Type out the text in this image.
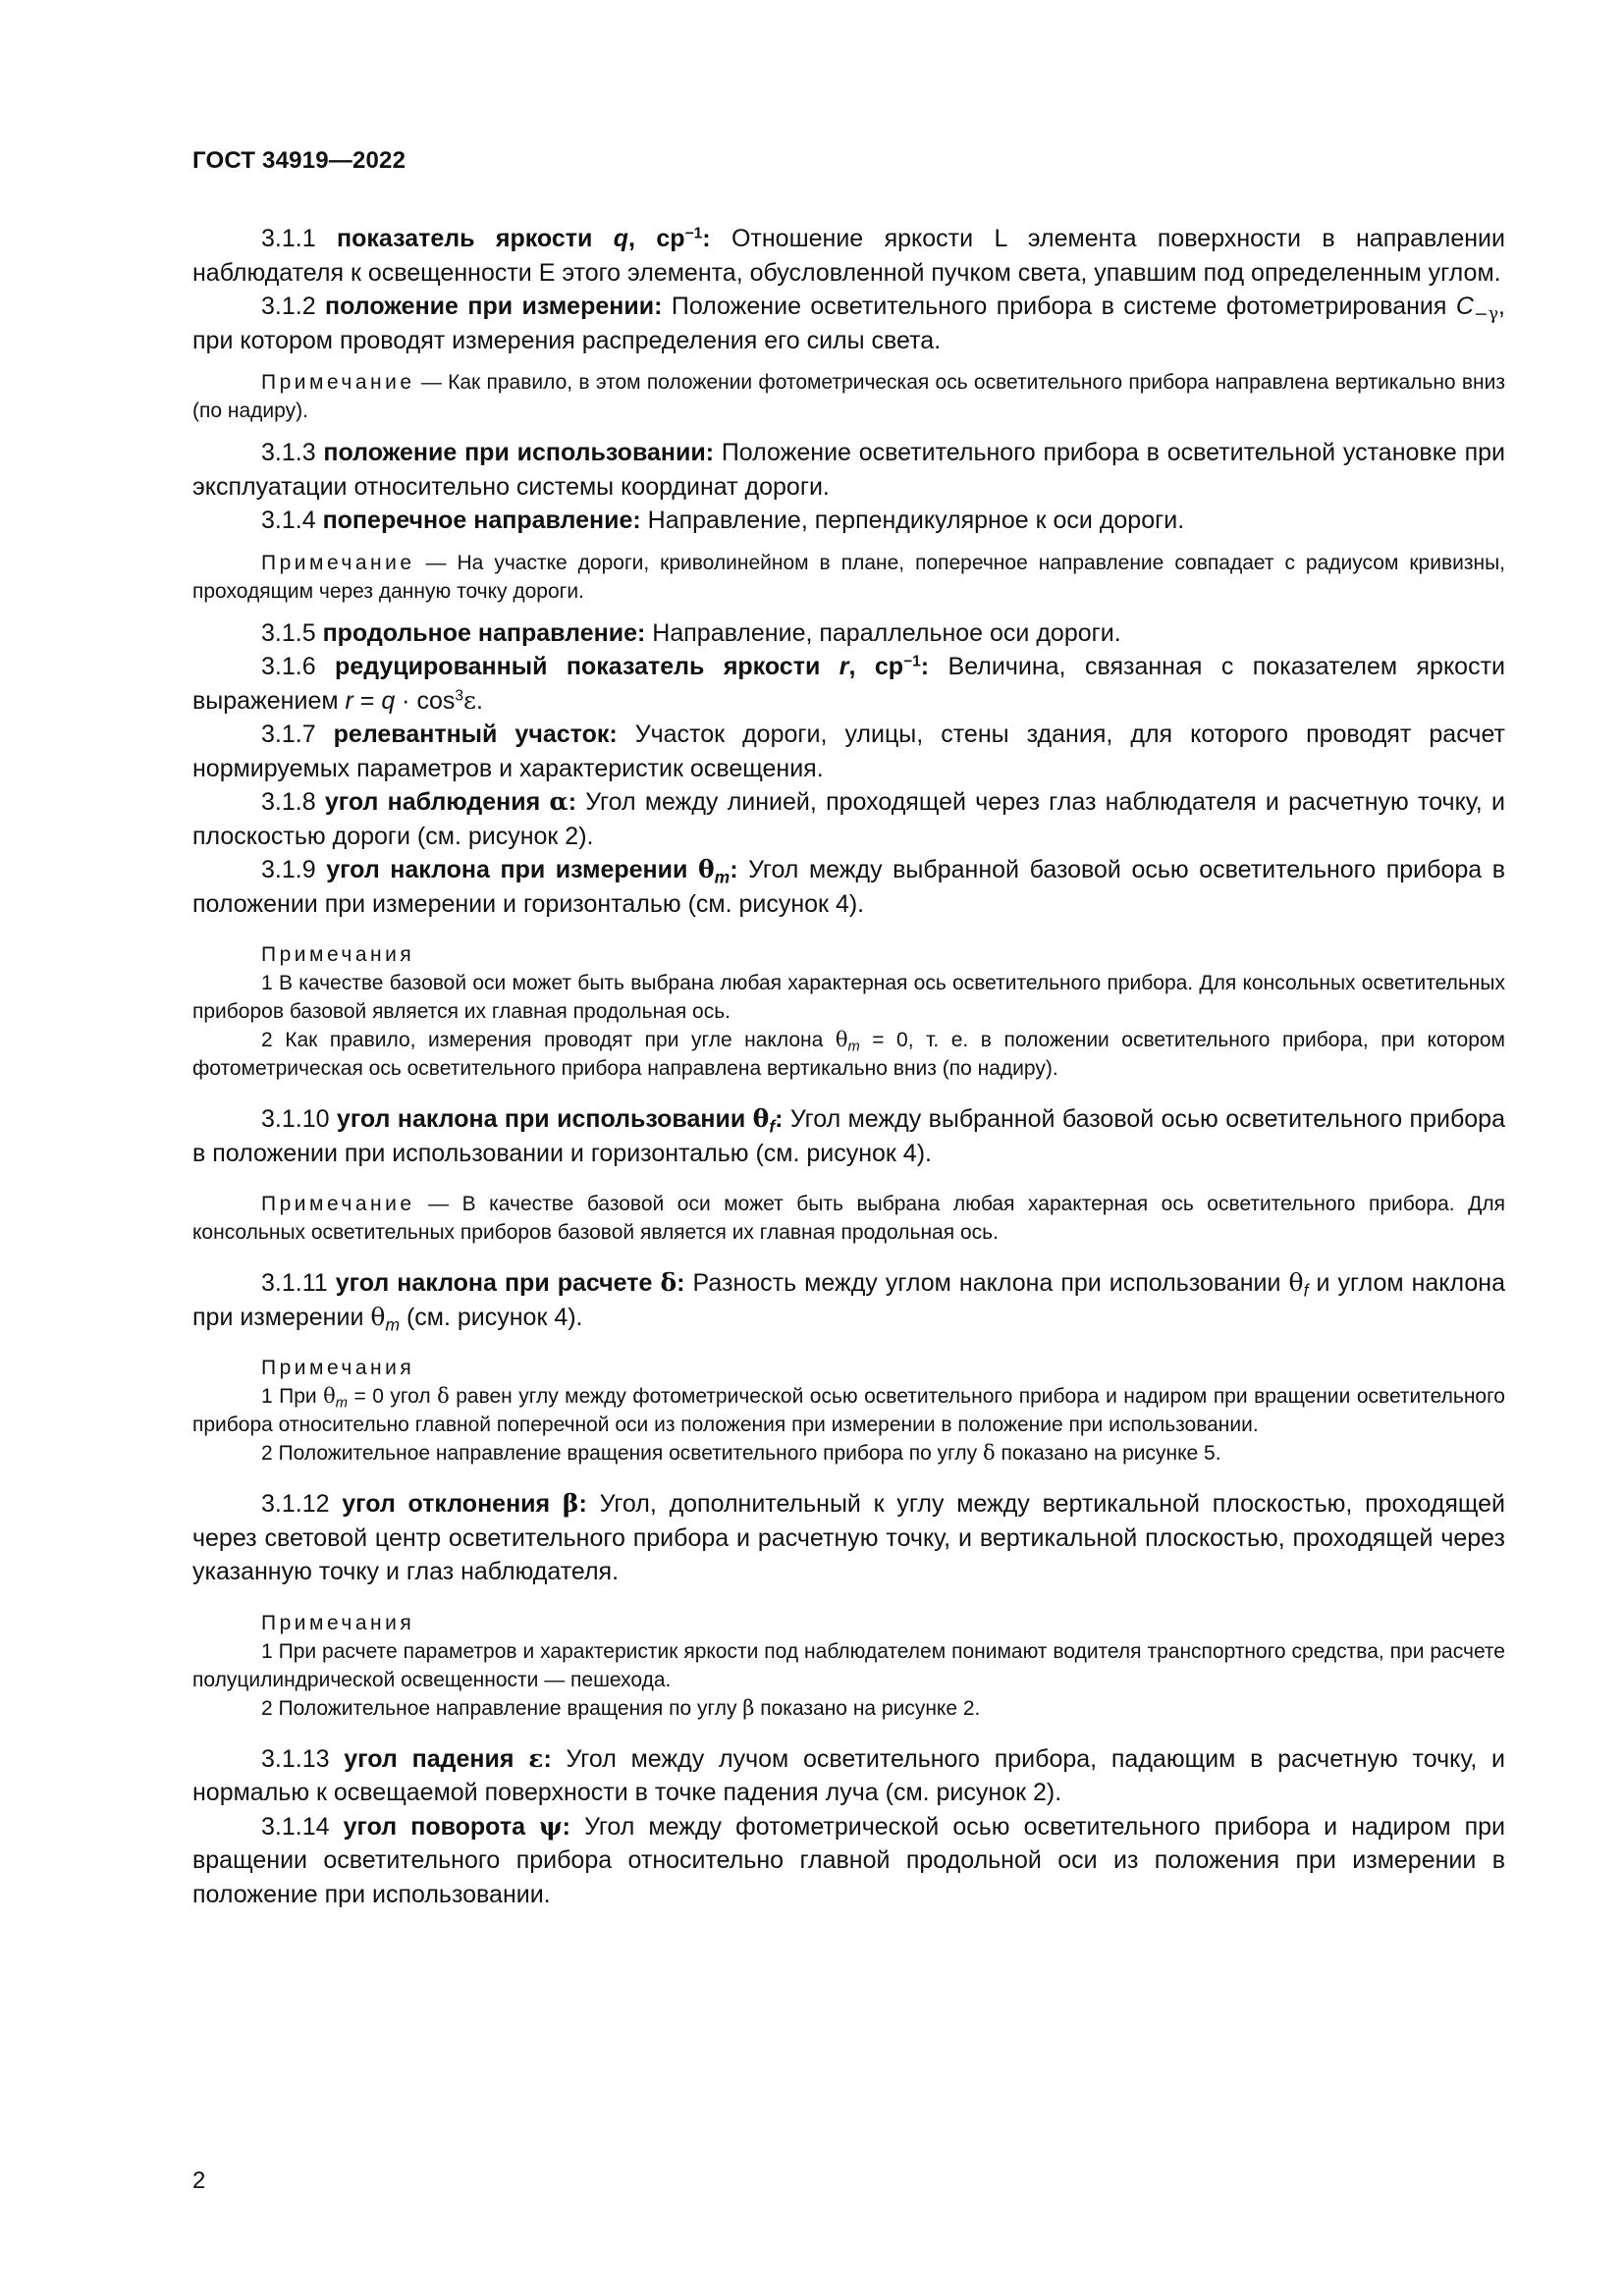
ГОСТ 34919—2022

3.1.1 показатель яркости q, $ср^{-1}$: Отношение яркости L элемента поверхности в направлении наблюдателя к освещенности E этого элемента, обусловленной пучком света, упавшим под определенным углом.

3.1.2 положение при измерении: Положение осветительного прибора в системе фотометрирования $C_{-\gamma}$, при котором проводят измерения распределения его силы света.

Примечание — Как правило, в этом положении фотометрическая ось осветительного прибора направлена вертикально вниз (по надиру).

3.1.3 положение при использовании: Положение осветительного прибора в осветительной установке при эксплуатации относительно системы координат дороги.

3.1.4 поперечное направление: Направление, перпендикулярное к оси дороги.

Примечание — На участке дороги, криволинейном в плане, поперечное направление совпадает с радиусом кривизны, проходящим через данную точку дороги.

3.1.5 продольное направление: Направление, параллельное оси дороги.

3.1.6 редуцированный показатель яркости r, $ср^{-1}$: Величина, связанная с показателем яркости выражением $r = q \cdot \cos^3\varepsilon$.

3.1.7 релевантный участок: Участок дороги, улицы, стены здания, для которого проводят расчет нормируемых параметров и характеристик освещения.

3.1.8 угол наблюдения α: Угол между линией, проходящей через глаз наблюдателя и расчетную точку, и плоскостью дороги (см. рисунок 2).

3.1.9 угол наклона при измерении $\theta_m$: Угол между выбранной базовой осью осветительного прибора в положении при измерении и горизонталью (см. рисунок 4).

Примечания

1 В качестве базовой оси может быть выбрана любая характерная ось осветительного прибора. Для консольных осветительных приборов базовой является их главная продольная ось.

2 Как правило, измерения проводят при угле наклона $\theta_m = 0$, т. е. в положении осветительного прибора, при котором фотометрическая ось осветительного прибора направлена вертикально вниз (по надиру).

3.1.10 угол наклона при использовании $\theta_f$: Угол между выбранной базовой осью осветительного прибора в положении при использовании и горизонталью (см. рисунок 4).

Примечание — В качестве базовой оси может быть выбрана любая характерная ось осветительного прибора. Для консольных осветительных приборов базовой является их главная продольная ось.

3.1.11 угол наклона при расчете δ: Разность между углом наклона при использовании $\theta_f$ и углом наклона при измерении $\theta_m$ (см. рисунок 4).

Примечания

1 При $\theta_m = 0$ угол δ равен углу между фотометрической осью осветительного прибора и надиром при вращении осветительного прибора относительно главной поперечной оси из положения при измерении в положение при использовании.

2 Положительное направление вращения осветительного прибора по углу δ показано на рисунке 5.

3.1.12 угол отклонения β: Угол, дополнительный к углу между вертикальной плоскостью, проходящей через световой центр осветительного прибора и расчетную точку, и вертикальной плоскостью, проходящей через указанную точку и глаз наблюдателя.

Примечания

1 При расчете параметров и характеристик яркости под наблюдателем понимают водителя транспортного средства, при расчете полуцилиндрической освещенности — пешехода.

2 Положительное направление вращения по углу β показано на рисунке 2.

3.1.13 угол падения ε: Угол между лучом осветительного прибора, падающим в расчетную точку, и нормалью к освещаемой поверхности в точке падения луча (см. рисунок 2).

3.1.14 угол поворота ψ: Угол между фотометрической осью осветительного прибора и надиром при вращении осветительного прибора относительно главной продольной оси из положения при измерении в положение при использовании.

2
